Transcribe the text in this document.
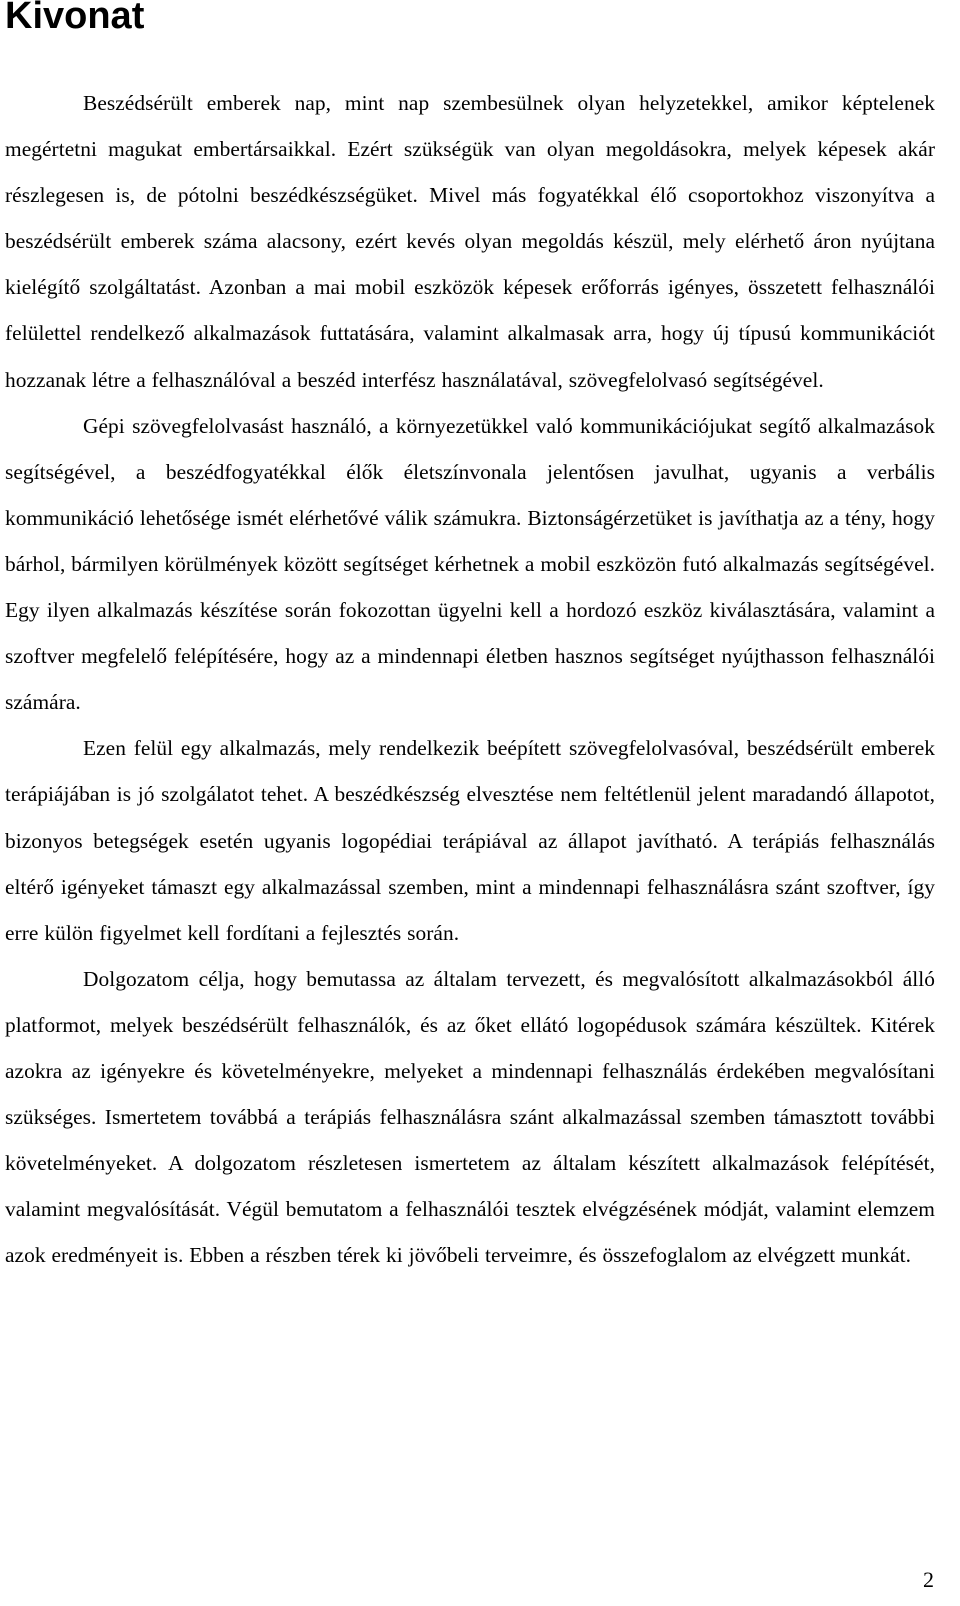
Kivonat

Beszédsérült emberek nap, mint nap szembesülnek olyan helyzetekkel, amikor képtelenek megértetni magukat embertársaikkal. Ezért szükségük van olyan megoldásokra, melyek képesek akár részlegesen is, de pótolni beszédkészségüket. Mivel más fogyatékkal élő csoportokhoz viszonyítva a beszédsérült emberek száma alacsony, ezért kevés olyan megoldás készül, mely elérhető áron nyújtana kielégítő szolgáltatást. Azonban a mai mobil eszközök képesek erőforrás igényes, összetett felhasználói felülettel rendelkező alkalmazások futtatására, valamint alkalmasak arra, hogy új típusú kommunikációt hozzanak létre a felhasználóval a beszéd interfész használatával, szövegfelolvasó segítségével.

Gépi szövegfelolvasást használó, a környezetükkel való kommunikációjukat segítő alkalmazások segítségével, a beszédfogyatékkal élők életszínvonala jelentősen javulhat, ugyanis a verbális kommunikáció lehetősége ismét elérhetővé válik számukra. Biztonságérzetüket is javíthatja az a tény, hogy bárhol, bármilyen körülmények között segítséget kérhetnek a mobil eszközön futó alkalmazás segítségével. Egy ilyen alkalmazás készítése során fokozottan ügyelni kell a hordozó eszköz kiválasztására, valamint a szoftver megfelelő felépítésére, hogy az a mindennapi életben hasznos segítséget nyújthasson felhasználói számára.

Ezen felül egy alkalmazás, mely rendelkezik beépített szövegfelolvasóval, beszédsérült emberek terápiájában is jó szolgálatot tehet. A beszédkészség elvesztése nem feltétlenül jelent maradandó állapotot, bizonyos betegségek esetén ugyanis logopédiai terápiával az állapot javítható. A terápiás felhasználás eltérő igényeket támaszt egy alkalmazással szemben, mint a mindennapi felhasználásra szánt szoftver, így erre külön figyelmet kell fordítani a fejlesztés során.

Dolgozatom célja, hogy bemutassa az általam tervezett, és megvalósított alkalmazásokból álló platformot, melyek beszédsérült felhasználók, és az őket ellátó logopédusok számára készültek. Kitérek azokra az igényekre és követelményekre, melyeket a mindennapi felhasználás érdekében megvalósítani szükséges. Ismertetem továbbá a terápiás felhasználásra szánt alkalmazással szemben támasztott további követelményeket. A dolgozatom részletesen ismertetem az általam készített alkalmazások felépítését, valamint megvalósítását. Végül bemutatom a felhasználói tesztek elvégzésének módját, valamint elemzem azok eredményeit is. Ebben a részben térek ki jövőbeli terveimre, és összefoglalom az elvégzett munkát.

2
